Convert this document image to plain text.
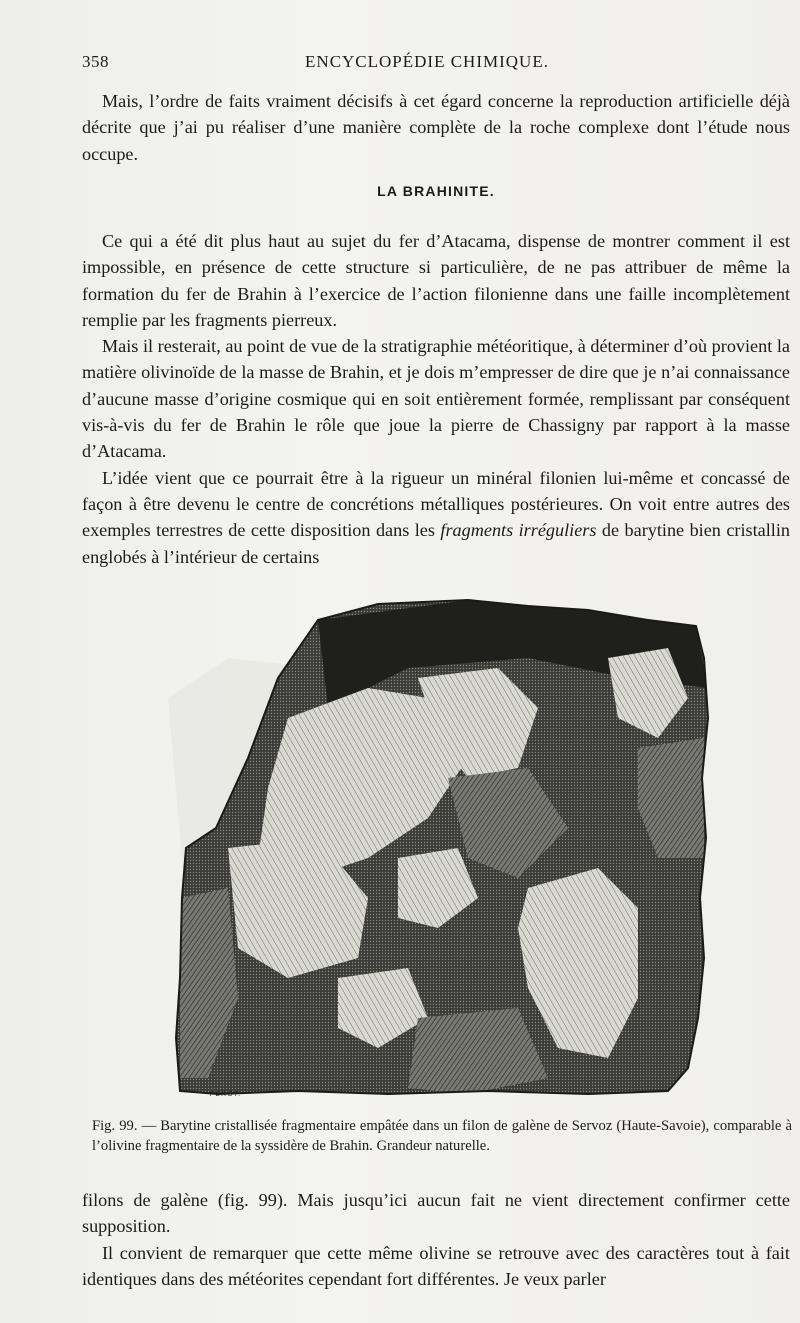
358	ENCYCLOPÉDIE CHIMIQUE.

Mais, l’ordre de faits vraiment décisifs à cet égard concerne la reproduction artificielle déjà décrite que j’ai pu réaliser d’une manière complète de la roche complexe dont l’étude nous occupe.

LA BRAHINITE.

Ce qui a été dit plus haut au sujet du fer d’Atacama, dispense de montrer comment il est impossible, en présence de cette structure si particulière, de ne pas attribuer de même la formation du fer de Brahin à l’exercice de l’action filonienne dans une faille incomplètement remplie par les fragments pierreux.

Mais il resterait, au point de vue de la stratigraphie météoritique, à déterminer d’où provient la matière olivinoïde de la masse de Brahin, et je dois m’empresser de dire que je n’ai connaissance d’aucune masse d’origine cosmique qui en soit entièrement formée, remplissant par conséquent vis-à-vis du fer de Brahin le rôle que joue la pierre de Chassigny par rapport à la masse d’Atacama.

L’idée vient que ce pourrait être à la rigueur un minéral filonien lui-même et concassé de façon à être devenu le centre de concrétions métalliques postérieures. On voit entre autres des exemples terrestres de cette disposition dans les fragments irréguliers de barytine bien cristallin englobés à l’intérieur de certains

PEROT.
Fig. 99. — Barytine cristallisée fragmentaire empâtée dans un filon de galène de Servoz (Haute-Savoie), comparable à l’olivine fragmentaire de la syssidère de Brahin. Grandeur naturelle.

filons de galène (fig. 99). Mais jusqu’ici aucun fait ne vient directement confirmer cette supposition.

Il convient de remarquer que cette même olivine se retrouve avec des caractères tout à fait identiques dans des météorites cependant fort différentes. Je veux parler
